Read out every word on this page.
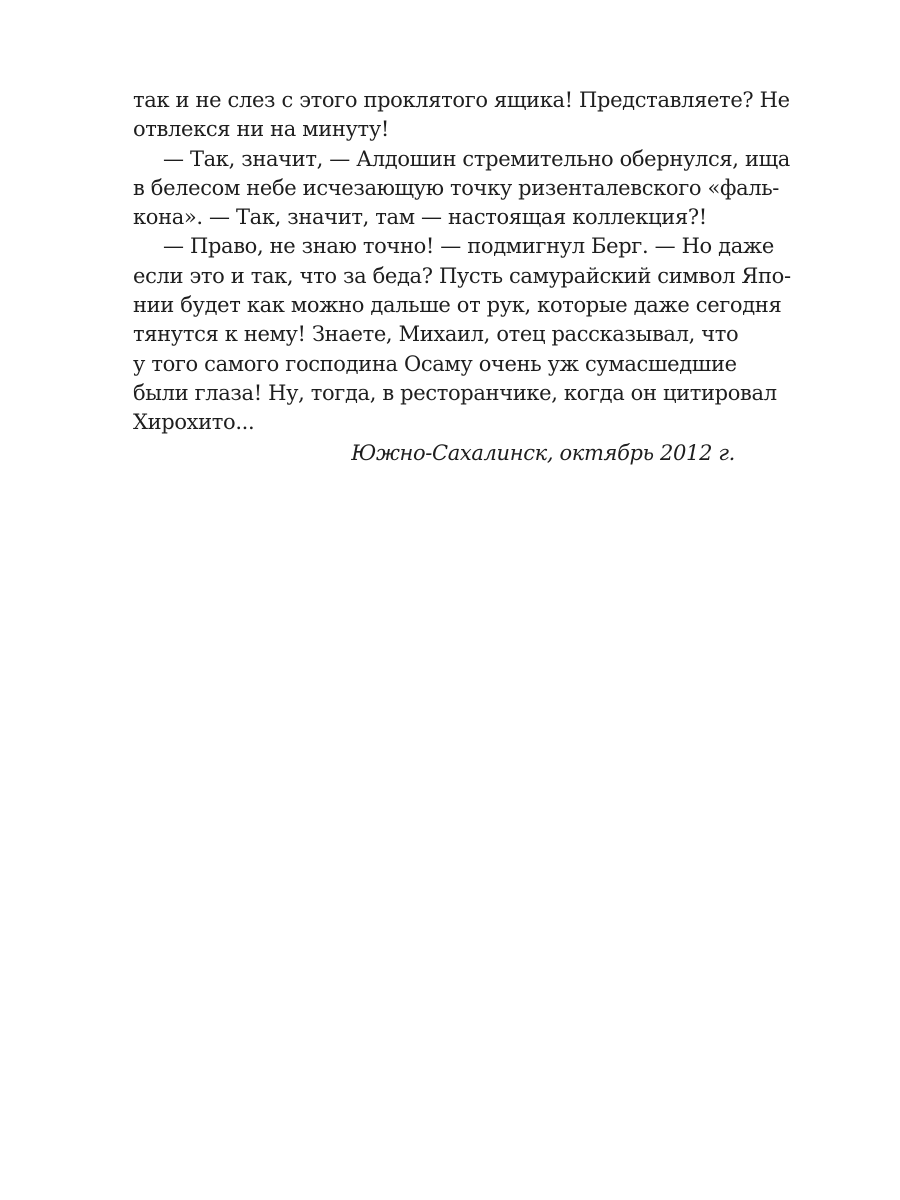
так и не слез с этого проклятого ящика! Представляете? Не
отвлекся ни на минуту!
— Так, значит, — Алдошин стремительно обернулся, ища
в белесом небе исчезающую точку ризенталевского «фаль-
кона». — Так, значит, там — настоящая коллекция?!
— Право, не знаю точно! — подмигнул Берг. — Но даже
если это и так, что за беда? Пусть самурайский символ Япо-
нии будет как можно дальше от рук, которые даже сегодня
тянутся к нему! Знаете, Михаил, отец рассказывал, что
у того самого господина Осаму очень уж сумасшедшие
были глаза! Ну, тогда, в ресторанчике, когда он цитировал
Хирохито...
Южно-Сахалинск, октябрь 2012 г.
